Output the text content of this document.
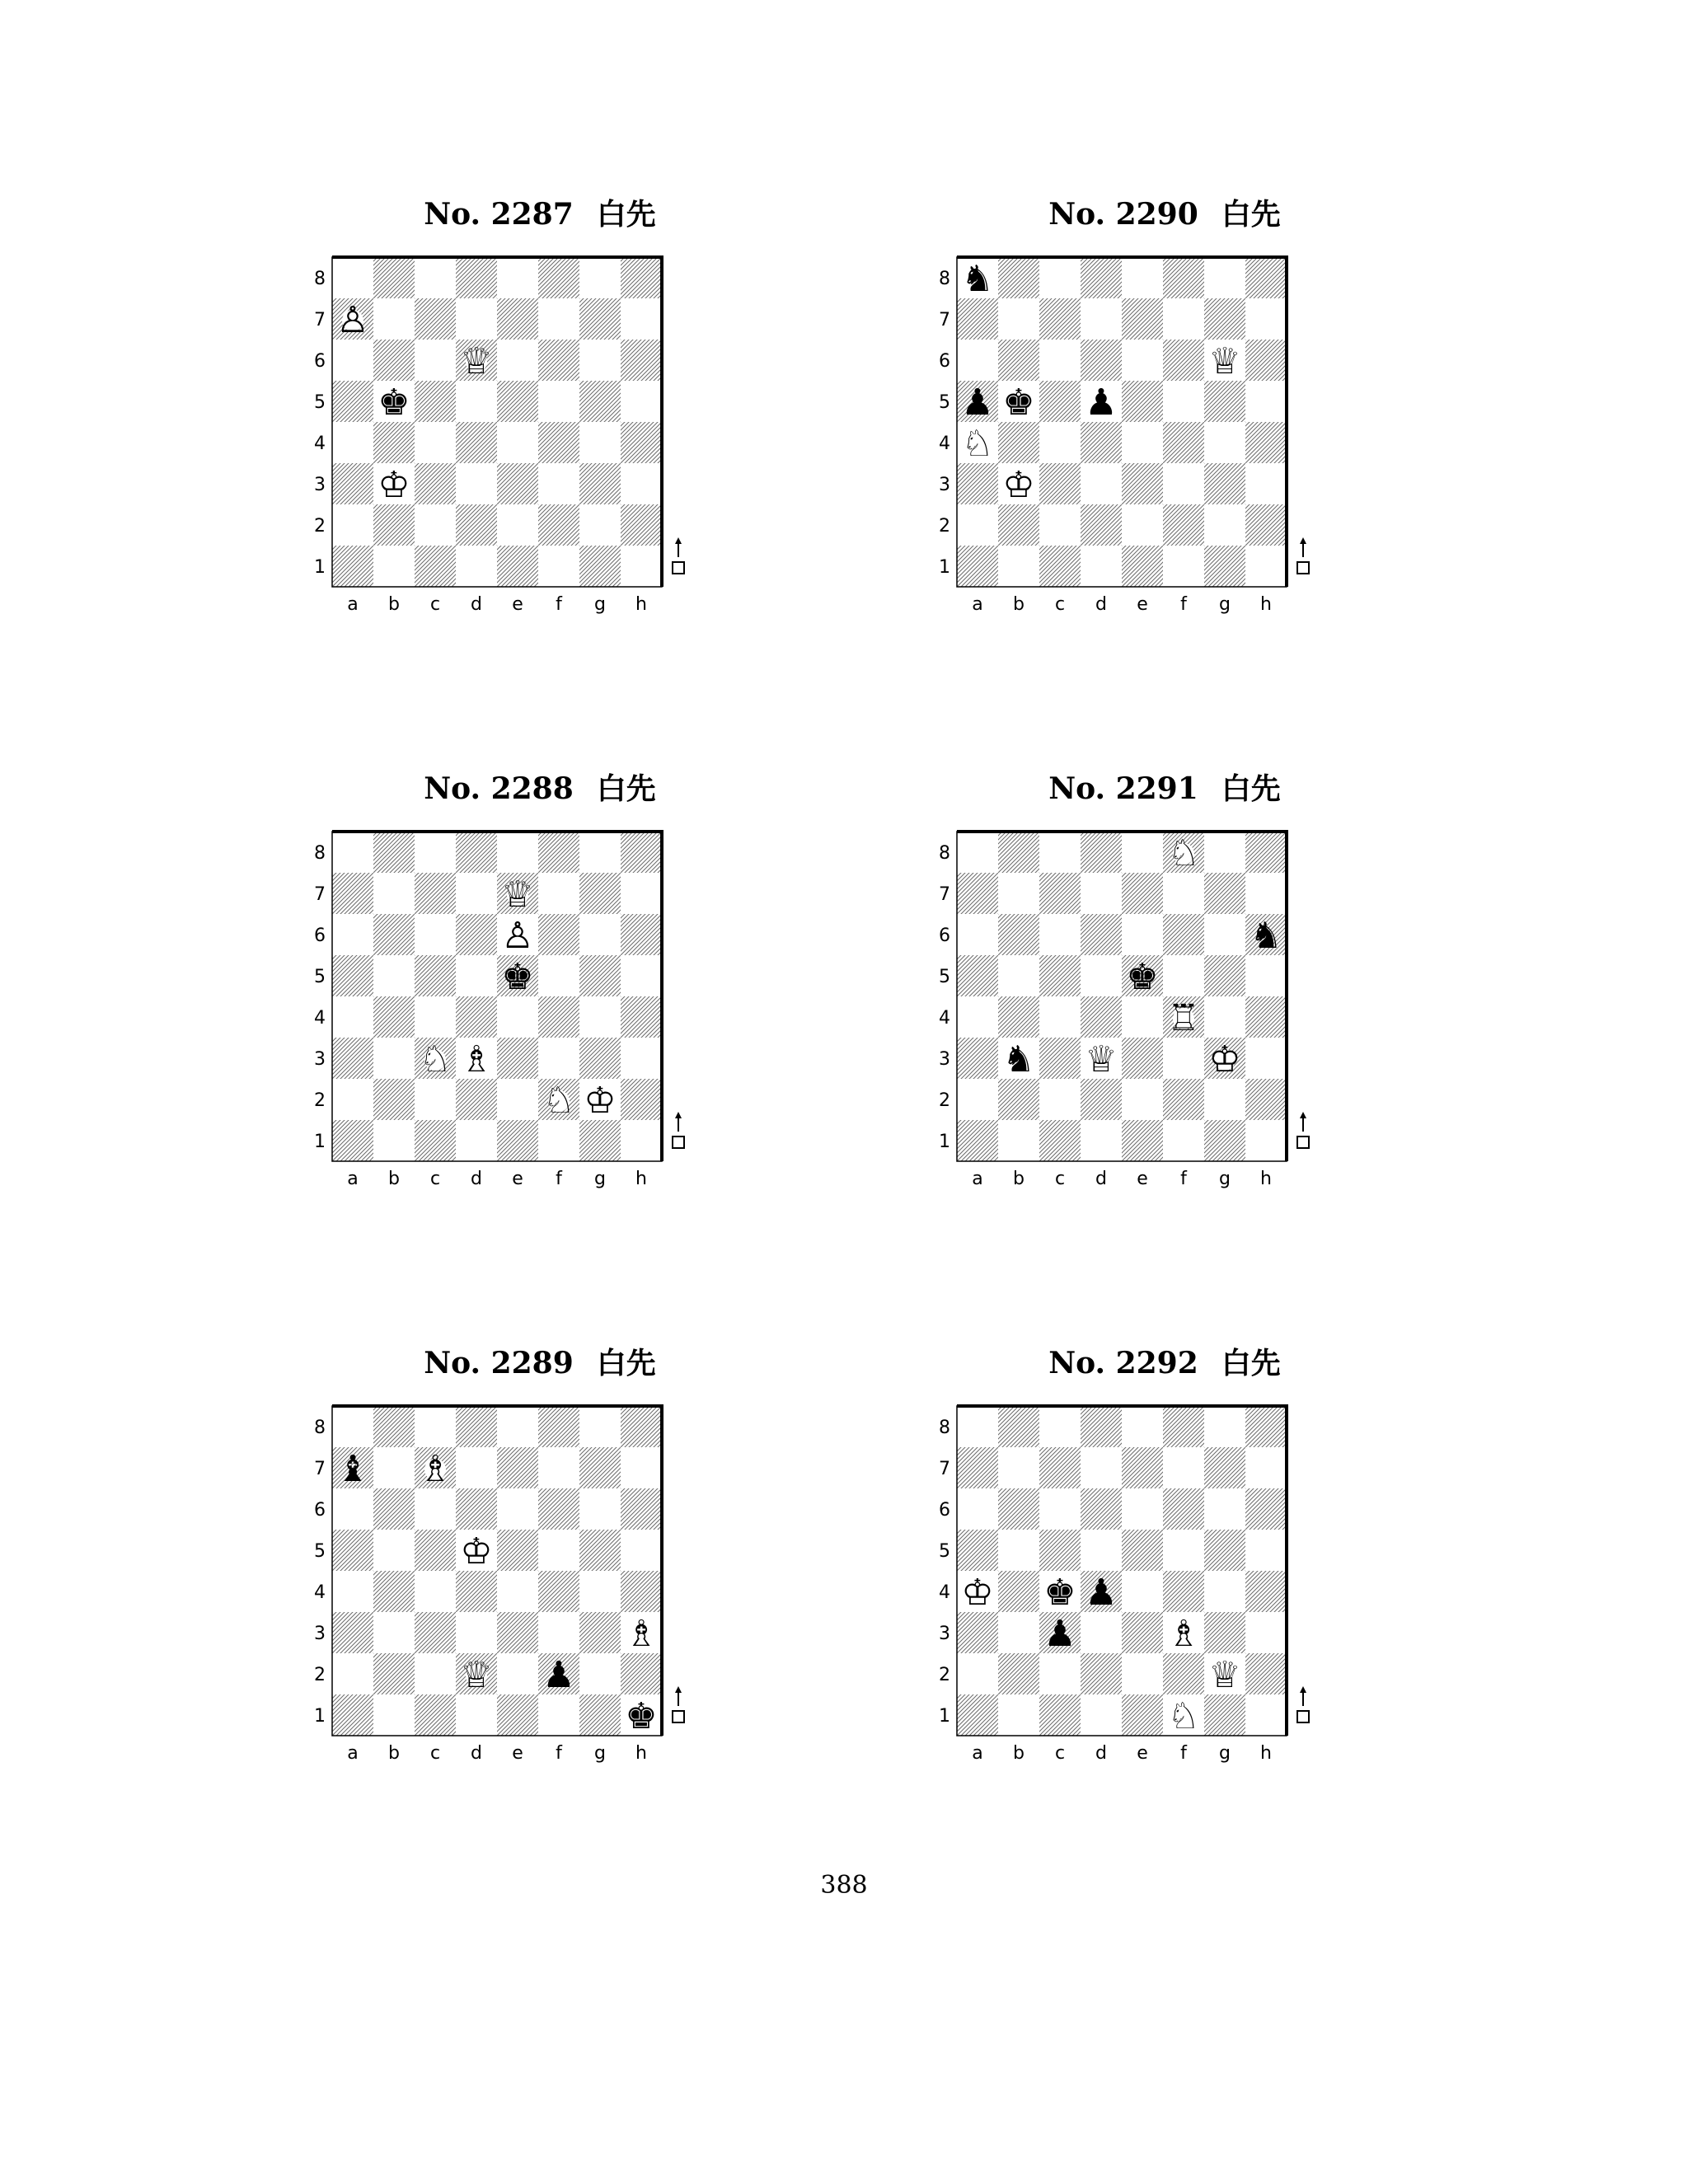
No. 2287 白先
8
7
6
5
4
3
2
1
a b c d e f g h
♙
♕
♚
♔
No. 2290 白先
8
7
6
5
4
3
2
1
a b c d e f g h
♞
♕
♟ ♚ ♟
♘
♔
No. 2288 白先
8
7
6
5
4
3
2
1
a b c d e f g h
♕
♙
♚
♘ ♗
♘ ♔
No. 2291 白先
8
7
6
5
4
3
2
1
a b c d e f g h
♘
♞
♚
♖
♞ ♕	♔
No. 2289 白先
8
7
6
5
4
3
2
1
a b c d e f g h
♝ ♗
♔
♗
♕ ♟
♚
No. 2292 白先
8
7
6
5
4
3
2
1
a b c d e f g h
♔ ♚ ♟
♟	♗
♕
♘
388
